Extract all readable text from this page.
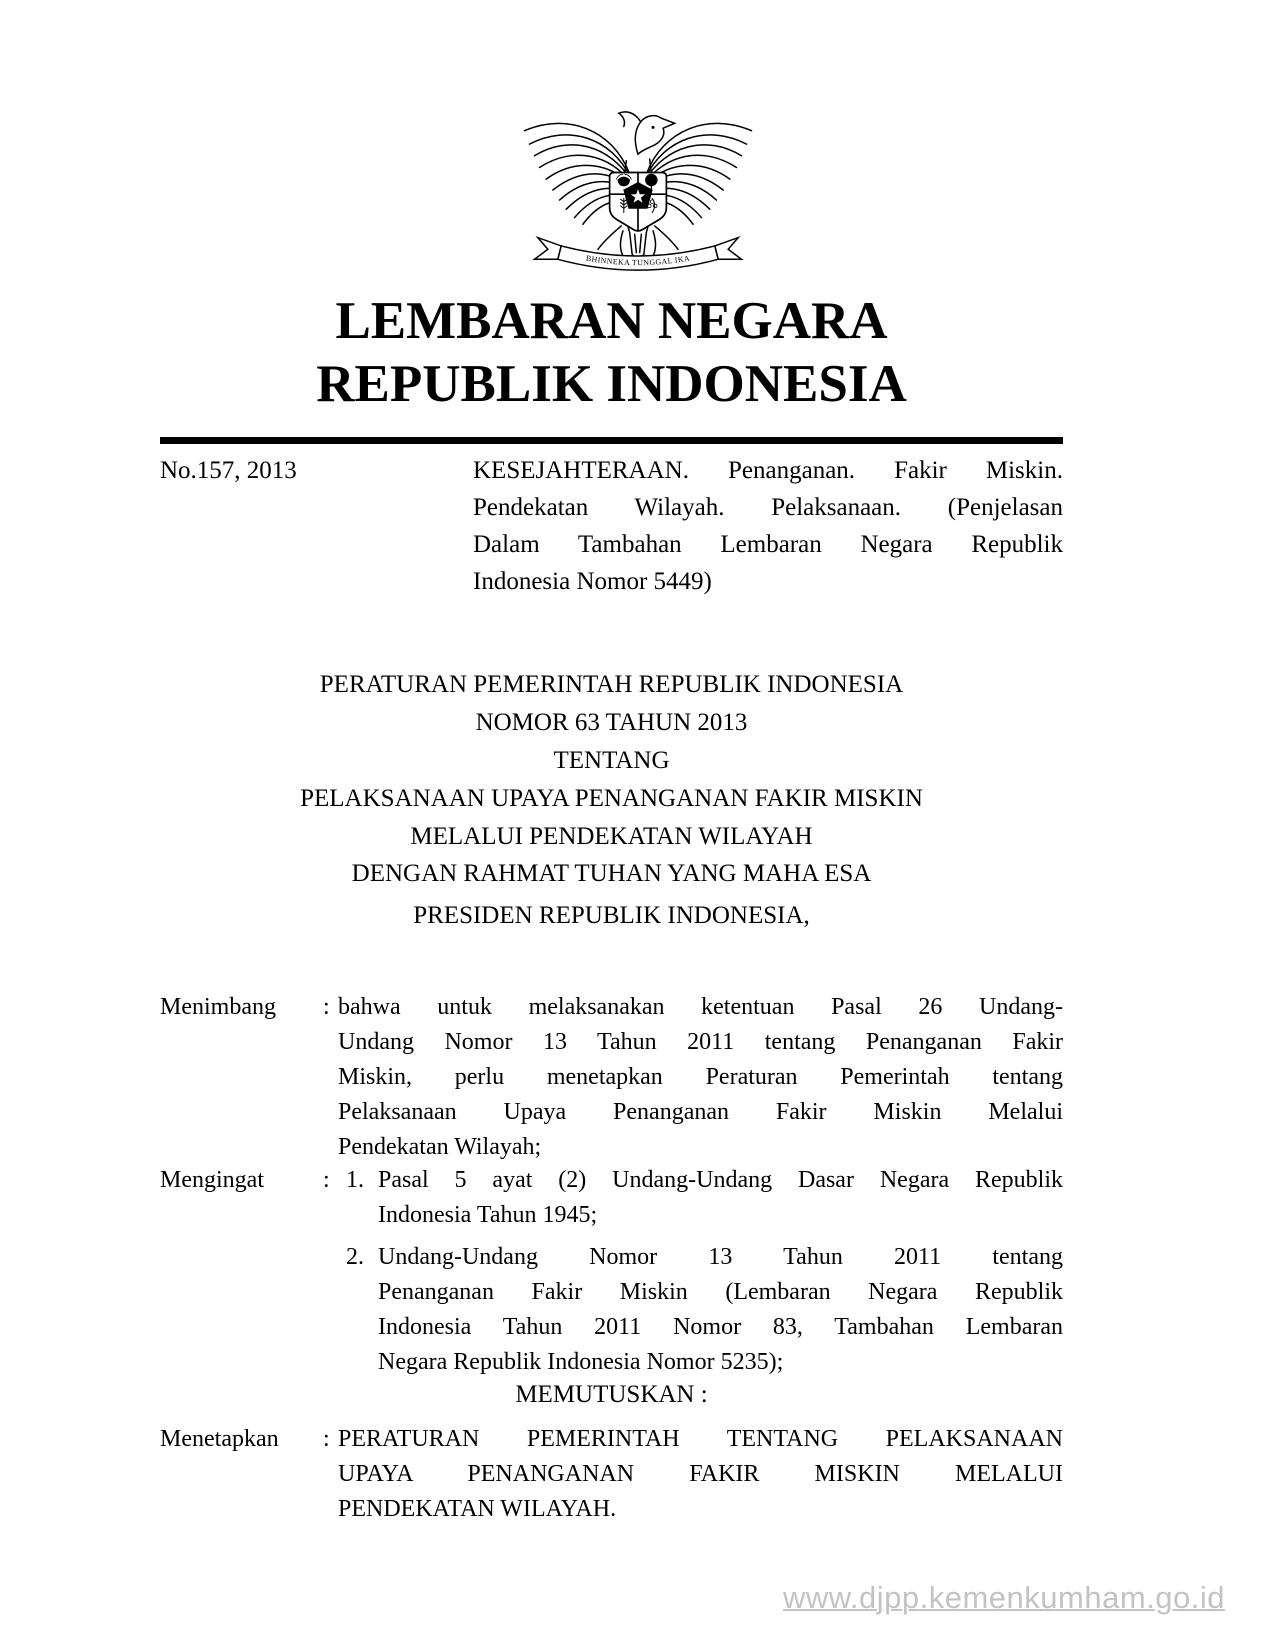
BHINNEKA TUNGGAL IKA
LEMBARAN NEGARA
REPUBLIK INDONESIA
No.157, 2013	KESEJAHTERAAN. Penanganan. Fakir Miskin.
Pendekatan Wilayah. Pelaksanaan. (Penjelasan
Dalam Tambahan Lembaran Negara Republik
Indonesia Nomor 5449)
PERATURAN PEMERINTAH REPUBLIK INDONESIA
NOMOR 63 TAHUN 2013
TENTANG
PELAKSANAAN UPAYA PENANGANAN FAKIR MISKIN
MELALUI PENDEKATAN WILAYAH
DENGAN RAHMAT TUHAN YANG MAHA ESA
PRESIDEN REPUBLIK INDONESIA,
Menimbang : bahwa untuk melaksanakan ketentuan Pasal 26 Undang-
Undang Nomor 13 Tahun 2011 tentang Penanganan Fakir
Miskin, perlu menetapkan Peraturan Pemerintah tentang
Pelaksanaan Upaya Penanganan Fakir Miskin Melalui
Pendekatan Wilayah;
Mengingat : 1. Pasal 5 ayat (2) Undang-Undang Dasar Negara Republik
Indonesia Tahun 1945;
2. Undang-Undang Nomor 13 Tahun 2011 tentang
Penanganan Fakir Miskin (Lembaran Negara Republik
Indonesia Tahun 2011 Nomor 83, Tambahan Lembaran
Negara Republik Indonesia Nomor 5235);
MEMUTUSKAN :
Menetapkan : PERATURAN PEMERINTAH TENTANG PELAKSANAAN
UPAYA PENANGANAN FAKIR MISKIN MELALUI
PENDEKATAN WILAYAH.
www.djpp.kemenkumham.go.id
